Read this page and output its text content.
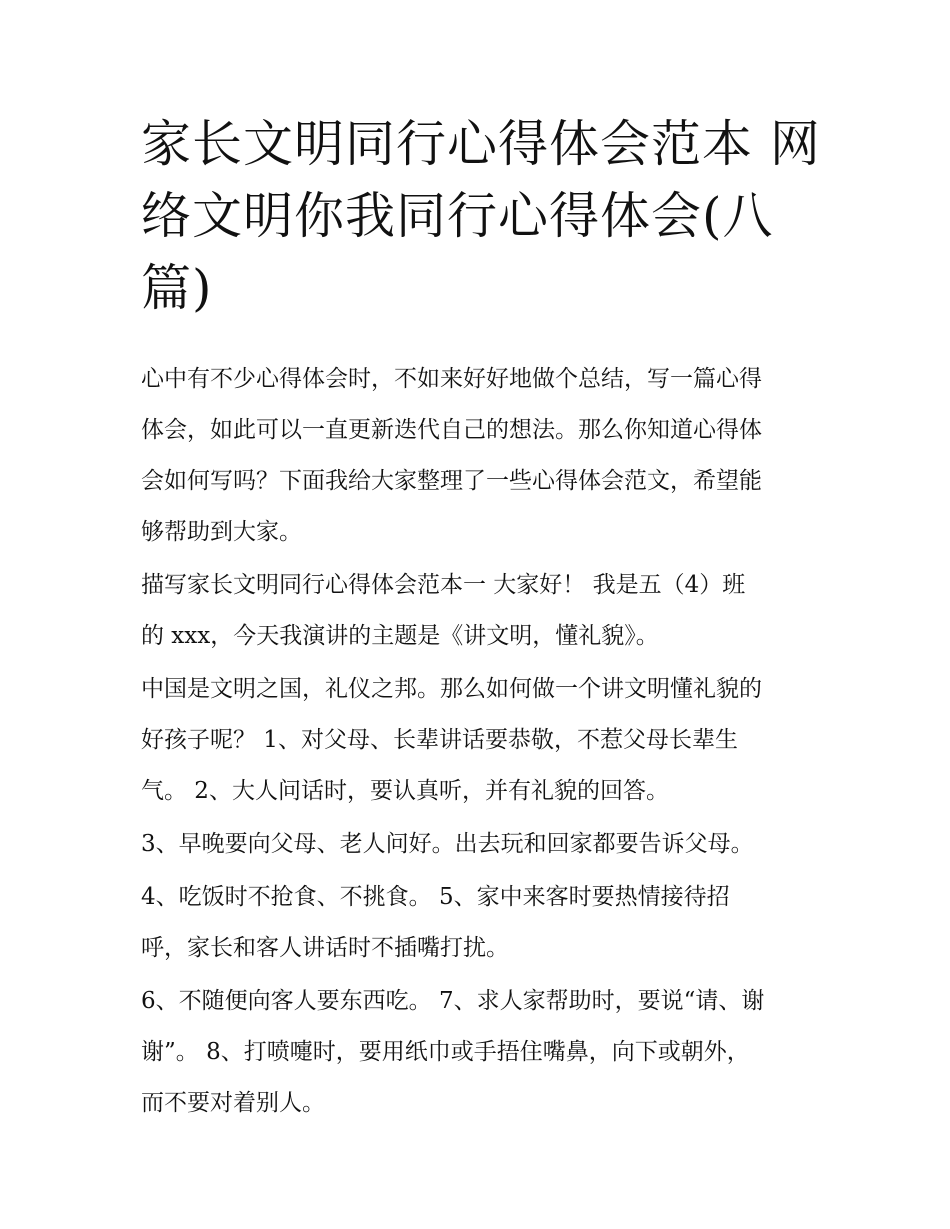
家长文明同行心得体会范本 网
络文明你我同行心得体会(八
篇)

心中有不少心得体会时，不如来好好地做个总结，写一篇心得
体会，如此可以一直更新迭代自己的想法。那么你知道心得体
会如何写吗？下面我给大家整理了一些心得体会范文，希望能
够帮助到大家。

描写家长文明同行心得体会范本一 大家好！ 我是五（4）班
的 xxx，今天我演讲的主题是《讲文明，懂礼貌》。

中国是文明之国，礼仪之邦。那么如何做一个讲文明懂礼貌的
好孩子呢？ 1、对父母、长辈讲话要恭敬，不惹父母长辈生
气。 2、大人问话时，要认真听，并有礼貌的回答。

3、早晚要向父母、老人问好。出去玩和回家都要告诉父母。

4、吃饭时不抢食、不挑食。 5、家中来客时要热情接待招
呼，家长和客人讲话时不插嘴打扰。

6、不随便向客人要东西吃。 7、求人家帮助时，要说“请、谢
谢”。 8、打喷嚏时，要用纸巾或手捂住嘴鼻，向下或朝外，
而不要对着别人。
